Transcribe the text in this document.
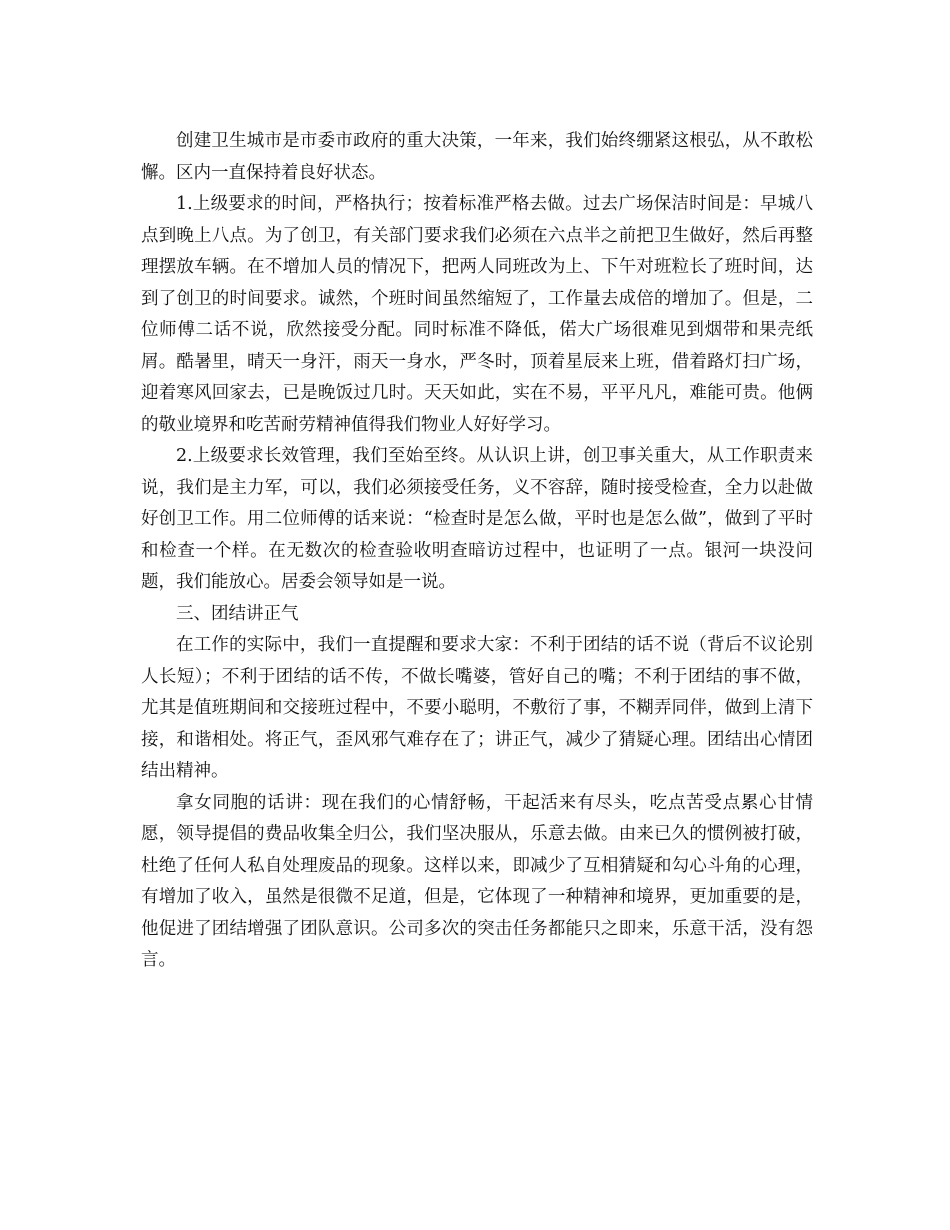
创建卫生城市是市委市政府的重大决策，一年来，我们始终绷紧这根弘，从不敢松懈。区内一直保持着良好状态。

1.上级要求的时间，严格执行；按着标准严格去做。过去广场保洁时间是：早城八点到晚上八点。为了创卫，有关部门要求我们必须在六点半之前把卫生做好，然后再整理摆放车辆。在不增加人员的情况下，把两人同班改为上、下午对班粒长了班时间，达到了创卫的时间要求。诚然，个班时间虽然缩短了，工作量去成倍的增加了。但是，二位师傅二话不说，欣然接受分配。同时标准不降低，偌大广场很难见到烟带和果壳纸屑。酷暑里，晴天一身汗，雨天一身水，严冬时，顶着星辰来上班，借着路灯扫广场，迎着寒风回家去，已是晚饭过几时。天天如此，实在不易，平平凡凡，难能可贵。他俩的敬业境界和吃苦耐劳精神值得我们物业人好好学习。

2.上级要求长效管理，我们至始至终。从认识上讲，创卫事关重大，从工作职责来说，我们是主力军，可以，我们必须接受任务，义不容辞，随时接受检查，全力以赴做好创卫工作。用二位师傅的话来说：“检查时是怎么做，平时也是怎么做”，做到了平时和检查一个样。在无数次的检查验收明查暗访过程中，也证明了一点。银河一块没问题，我们能放心。居委会领导如是一说。

三、团结讲正气

在工作的实际中，我们一直提醒和要求大家：不利于团结的话不说（背后不议论别人长短）；不利于团结的话不传，不做长嘴婆，管好自己的嘴；不利于团结的事不做，尤其是值班期间和交接班过程中，不要小聪明，不敷衍了事，不糊弄同伴，做到上清下接，和谐相处。将正气，歪风邪气难存在了；讲正气，减少了猜疑心理。团结出心情团结出精神。

拿女同胞的话讲：现在我们的心情舒畅，干起活来有尽头，吃点苦受点累心甘情愿，领导提倡的费品收集全归公，我们坚决服从，乐意去做。由来已久的惯例被打破，杜绝了任何人私自处理废品的现象。这样以来，即减少了互相猜疑和勾心斗角的心理，有增加了收入，虽然是很微不足道，但是，它体现了一种精神和境界，更加重要的是，他促进了团结增强了团队意识。公司多次的突击任务都能只之即来，乐意干活，没有怨言。
